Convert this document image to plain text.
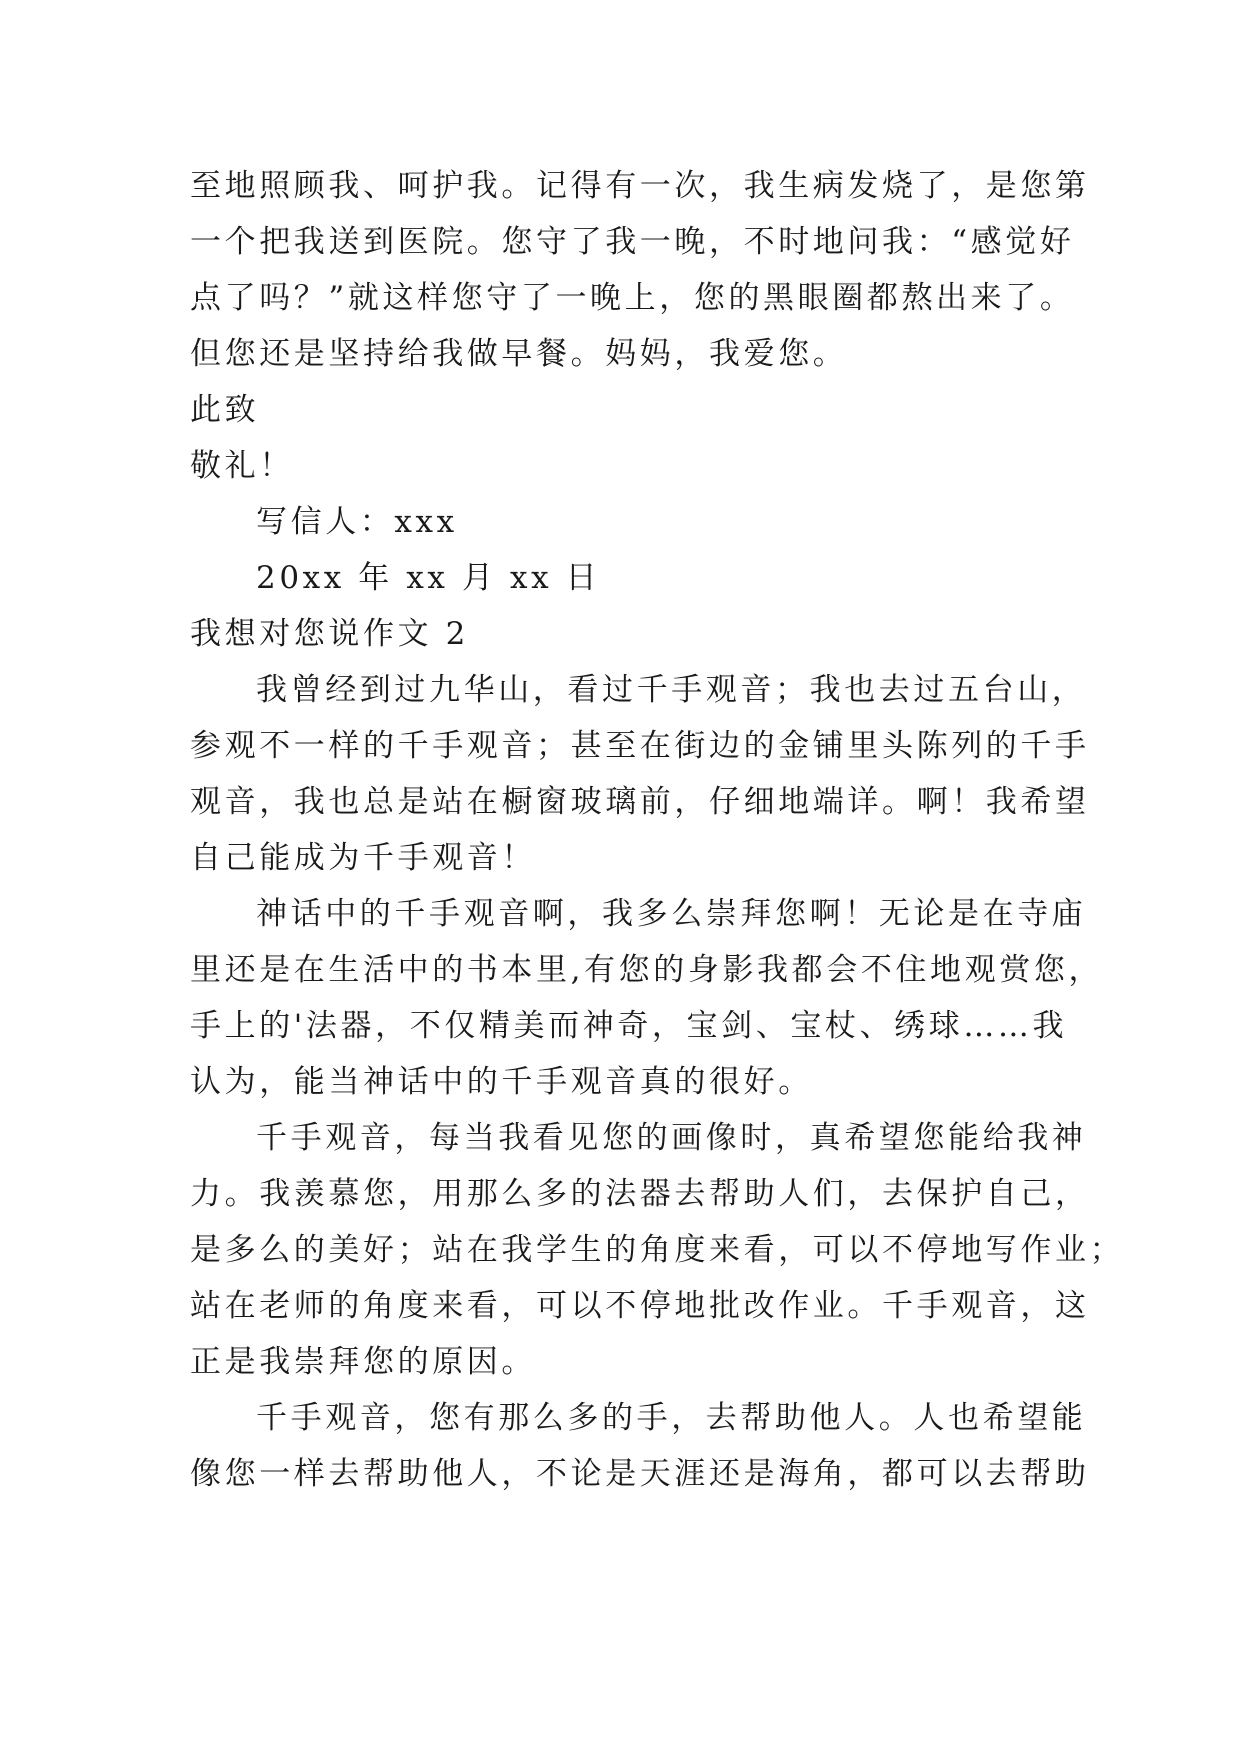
至地照顾我、呵护我。记得有一次，我生病发烧了，是您第
一个把我送到医院。您守了我一晚，不时地问我：“感觉好
点了吗？”就这样您守了一晚上，您的黑眼圈都熬出来了。
但您还是坚持给我做早餐。妈妈，我爱您。
此致
敬礼！
写信人：xxx
20xx 年 xx 月 xx 日
我想对您说作文 2
我曾经到过九华山，看过千手观音；我也去过五台山，
参观不一样的千手观音；甚至在街边的金铺里头陈列的千手
观音，我也总是站在橱窗玻璃前，仔细地端详。啊！我希望
自己能成为千手观音！
神话中的千手观音啊，我多么崇拜您啊！无论是在寺庙
里还是在生活中的书本里,有您的身影我都会不住地观赏您，
手上的'法器，不仅精美而神奇，宝剑、宝杖、绣球……我
认为，能当神话中的千手观音真的很好。
千手观音，每当我看见您的画像时，真希望您能给我神
力。我羡慕您，用那么多的法器去帮助人们，去保护自己，
是多么的美好；站在我学生的角度来看，可以不停地写作业；
站在老师的角度来看，可以不停地批改作业。千手观音，这
正是我崇拜您的原因。
千手观音，您有那么多的手，去帮助他人。人也希望能
像您一样去帮助他人，不论是天涯还是海角，都可以去帮助
